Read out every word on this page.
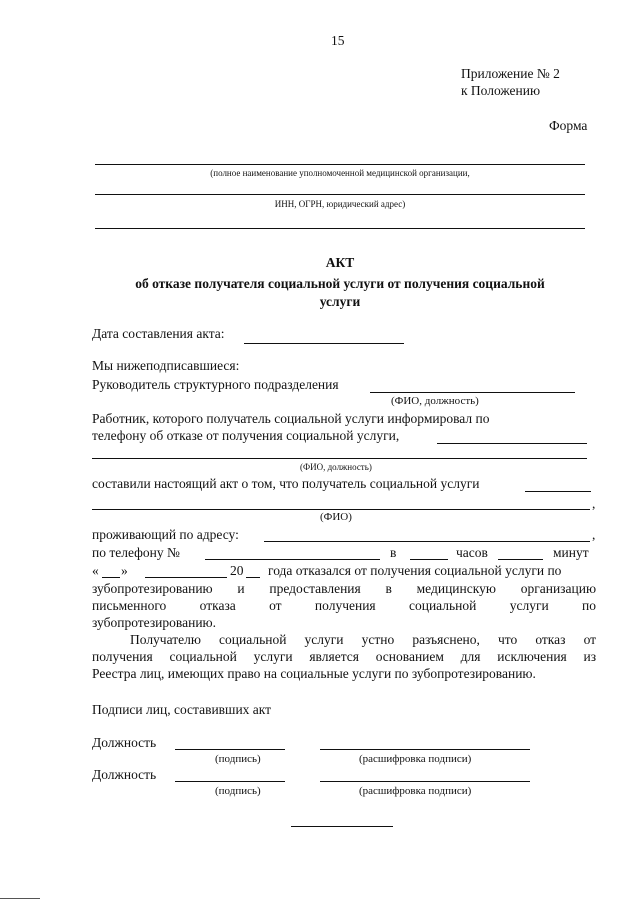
15
Приложение № 2
к Положению
Форма
(полное наименование уполномоченной медицинской организации,
ИНН, ОГРН, юридический адрес)
АКТ
об отказе получателя социальной услуги от получения социальной
услуги
Дата составления акта:
Мы нижеподписавшиеся:
Руководитель структурного подразделения
(ФИО, должность)
Работник, которого получатель социальной услуги информировал по
телефону об отказе от получения социальной услуги,
(ФИО, должность)
составили настоящий акт о том, что получатель социальной услуги
,
(ФИО)
проживающий по адресу:	,
по телефону №	в	часов	минут
« »	20 года отказался от получения социальной услуги по
зубопротезированию и предоставления в медицинскую организацию
письменного отказа от получения социальной услуги по
зубопротезированию.
Получателю социальной услуги устно разъяснено, что отказ от
получения социальной услуги является основанием для исключения из
Реестра лиц, имеющих право на социальные услуги по зубопротезированию.
Подписи лиц, составивших акт
Должность
(подпись)	(расшифровка подписи)
Должность
(подпись)	(расшифровка подписи)
